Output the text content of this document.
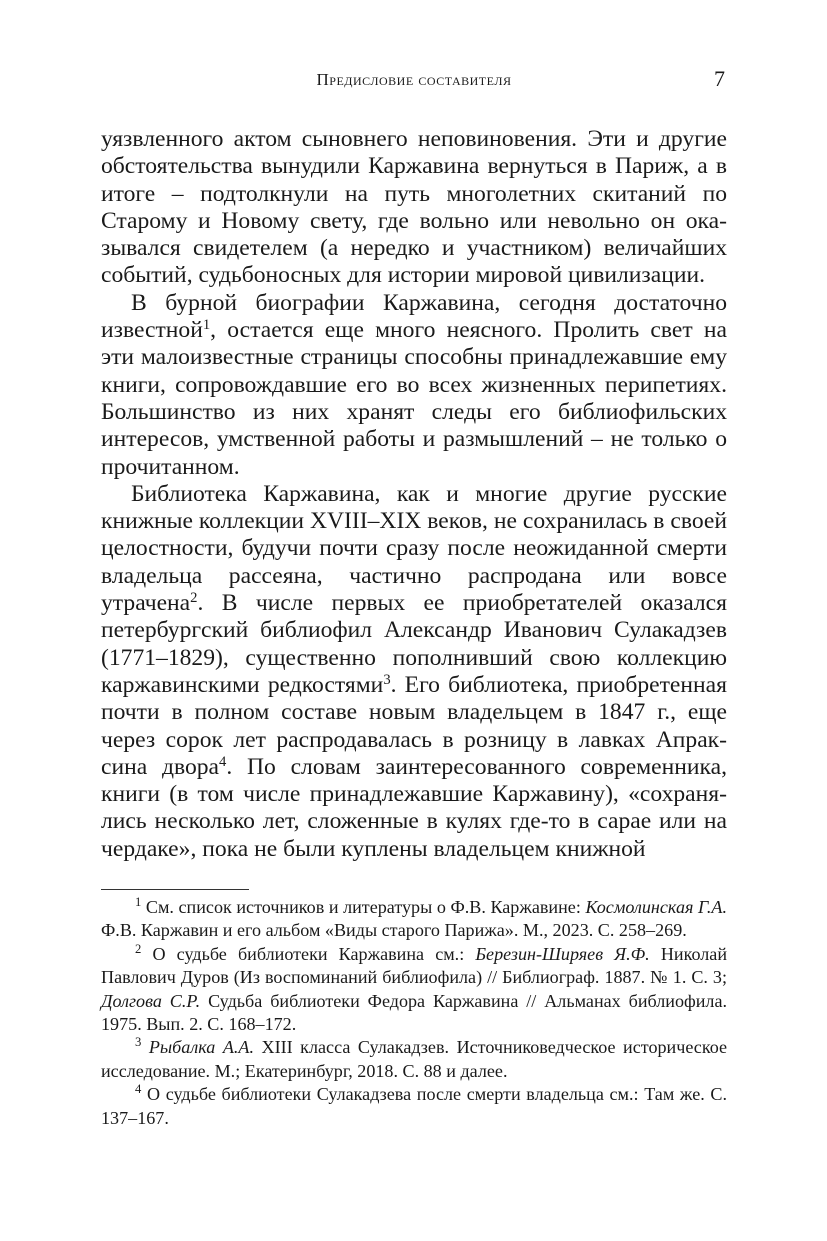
Предисловие составителя	7

уязвленного актом сыновнего неповиновения. Эти и другие обстоятельства вынудили Каржавина вернуться в Париж, а в итоге – подтолкнули на путь многолетних скитаний по Старому и Новому свету, где вольно или невольно он оказывался свидетелем (а нередко и участником) величайших событий, судьбоносных для истории мировой цивилизации.

В бурной биографии Каржавина, сегодня достаточно известной$^1$, остается еще много неясного. Пролить свет на эти малоизвестные страницы способны принадлежавшие ему книги, сопровождавшие его во всех жизненных перипетиях. Большинство из них хранят следы его библиофильских интересов, умственной работы и размышлений – не только о прочитанном.

Библиотека Каржавина, как и многие другие русские книжные коллекции XVIII–XIX веков, не сохранилась в своей целостности, будучи почти сразу после неожиданной смерти владельца рассеяна, частично распродана или вовсе утрачена$^2$. В числе первых ее приобретателей оказался петербургский библиофил Александр Иванович Сулакадзев (1771–1829), существенно пополнивший свою коллекцию каржавинскими редкостями$^3$. Его библиотека, приобретенная почти в полном составе новым владельцем в 1847 г., еще через сорок лет распродавалась в розницу в лавках Апраксина двора$^4$. По словам заинтересованного современника, книги (в том числе принадлежавшие Каржавину), «сохранялись несколько лет, сложенные в кулях где-то в сарае или на чердаке», пока не были куплены владельцем книжной

$^1$ См. список источников и литературы о Ф.В. Каржавине: Космолинская Г.А. Ф.В. Каржавин и его альбом «Виды старого Парижа». М., 2023. С. 258–269.

$^2$ О судьбе библиотеки Каржавина см.: Березин-Ширяев Я.Ф. Николай Павлович Дуров (Из воспоминаний библиофила) // Библиограф. 1887. № 1. С. 3; Долгова С.Р. Судьба библиотеки Федора Каржавина // Альманах библиофила. 1975. Вып. 2. С. 168–172.

$^3$ Рыбалка А.А. XIII класса Сулакадзев. Источниковедческое историческое исследование. М.; Екатеринбург, 2018. С. 88 и далее.

$^4$ О судьбе библиотеки Сулакадзева после смерти владельца см.: Там же. С. 137–167.
